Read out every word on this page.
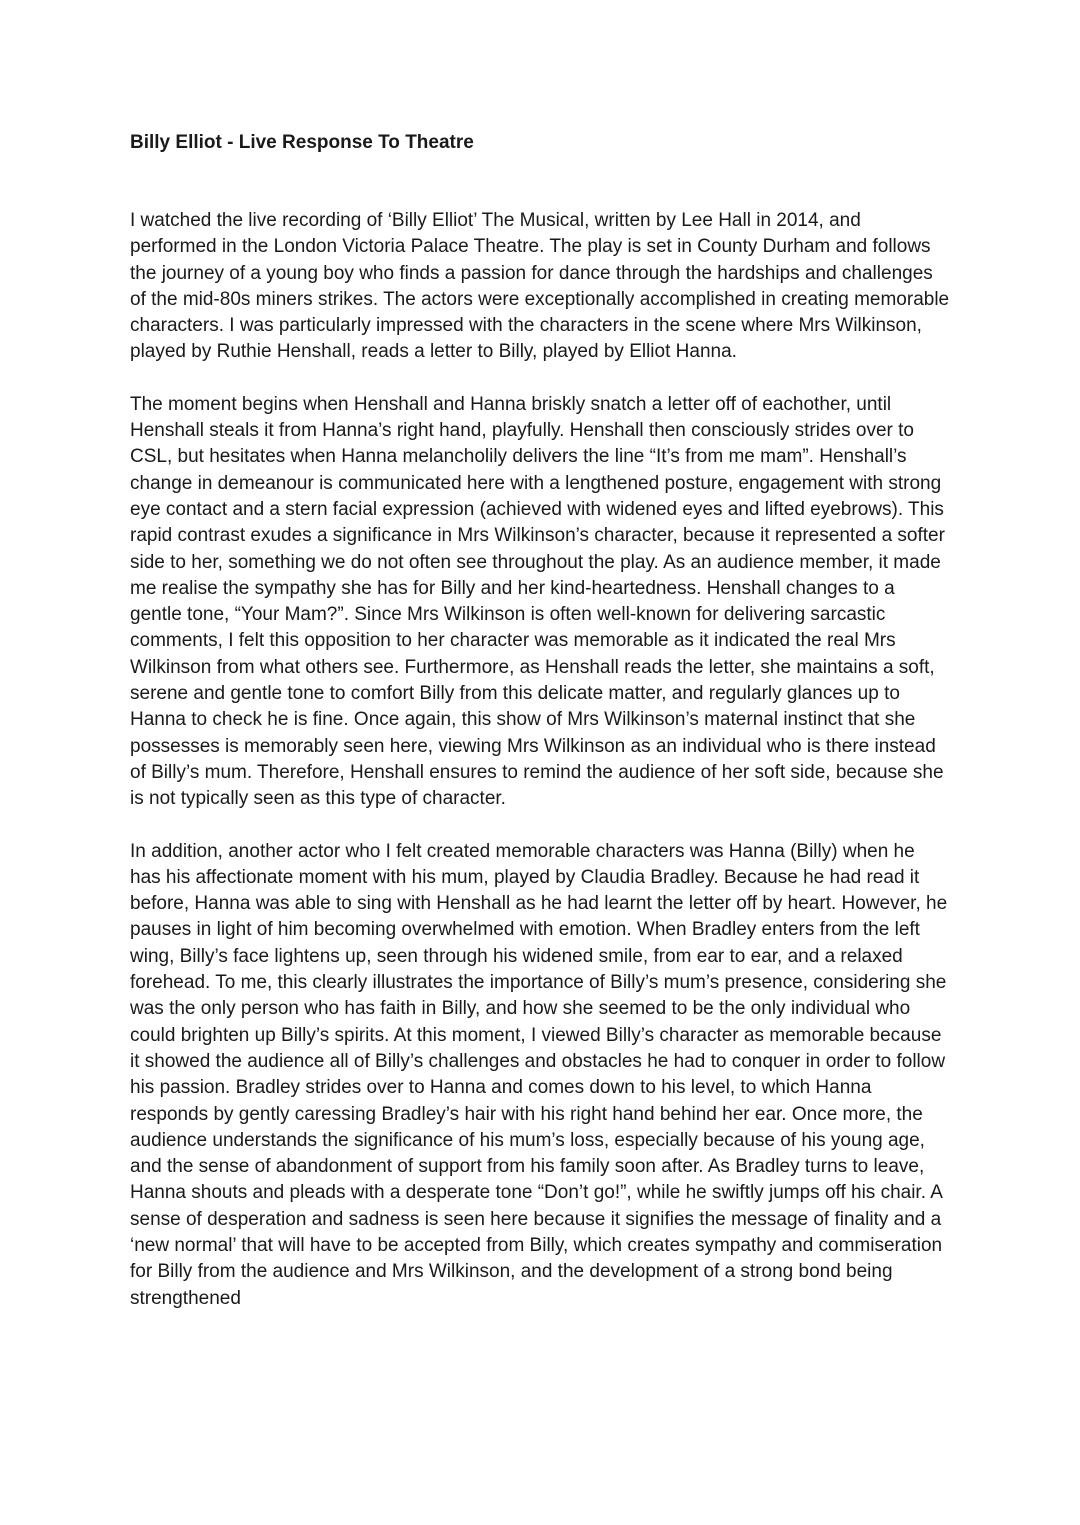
Billy Elliot - Live Response To Theatre

I watched the live recording of ‘Billy Elliot’ The Musical, written by Lee Hall in 2014, and performed in the London Victoria Palace Theatre. The play is set in County Durham and follows the journey of a young boy who finds a passion for dance through the hardships and challenges of the mid-80s miners strikes. The actors were exceptionally accomplished in creating memorable characters. I was particularly impressed with the characters in the scene where Mrs Wilkinson, played by Ruthie Henshall, reads a letter to Billy, played by Elliot Hanna.

The moment begins when Henshall and Hanna briskly snatch a letter off of eachother, until Henshall steals it from Hanna’s right hand, playfully. Henshall then consciously strides over to CSL, but hesitates when Hanna melancholily delivers the line “It’s from me mam”. Henshall’s change in demeanour is communicated here with a lengthened posture, engagement with strong eye contact and a stern facial expression (achieved with widened eyes and lifted eyebrows). This rapid contrast exudes a significance in Mrs Wilkinson’s character, because it represented a softer side to her, something we do not often see throughout the play. As an audience member, it made me realise the sympathy she has for Billy and her kind-heartedness. Henshall changes to a gentle tone, “Your Mam?”. Since Mrs Wilkinson is often well-known for delivering sarcastic comments, I felt this opposition to her character was memorable as it indicated the real Mrs Wilkinson from what others see. Furthermore, as Henshall reads the letter, she maintains a soft, serene and gentle tone to comfort Billy from this delicate matter, and regularly glances up to Hanna to check he is fine. Once again, this show of Mrs Wilkinson’s maternal instinct that she possesses is memorably seen here, viewing Mrs Wilkinson as an individual who is there instead of Billy’s mum. Therefore, Henshall ensures to remind the audience of her soft side, because she is not typically seen as this type of character.

In addition, another actor who I felt created memorable characters was Hanna (Billy) when he has his affectionate moment with his mum, played by Claudia Bradley. Because he had read it before, Hanna was able to sing with Henshall as he had learnt the letter off by heart. However, he pauses in light of him becoming overwhelmed with emotion. When Bradley enters from the left wing, Billy’s face lightens up, seen through his widened smile, from ear to ear, and a relaxed forehead. To me, this clearly illustrates the importance of Billy’s mum’s presence, considering she was the only person who has faith in Billy, and how she seemed to be the only individual who could brighten up Billy’s spirits. At this moment, I viewed Billy’s character as memorable because it showed the audience all of Billy’s challenges and obstacles he had to conquer in order to follow his passion. Bradley strides over to Hanna and comes down to his level, to which Hanna responds by gently caressing Bradley’s hair with his right hand behind her ear. Once more, the audience understands the significance of his mum’s loss, especially because of his young age, and the sense of abandonment of support from his family soon after. As Bradley turns to leave, Hanna shouts and pleads with a desperate tone “Don’t go!”, while he swiftly jumps off his chair. A sense of desperation and sadness is seen here because it signifies the message of finality and a ‘new normal’ that will have to be accepted from Billy, which creates sympathy and commiseration for Billy from the audience and Mrs Wilkinson, and the development of a strong bond being strengthened
